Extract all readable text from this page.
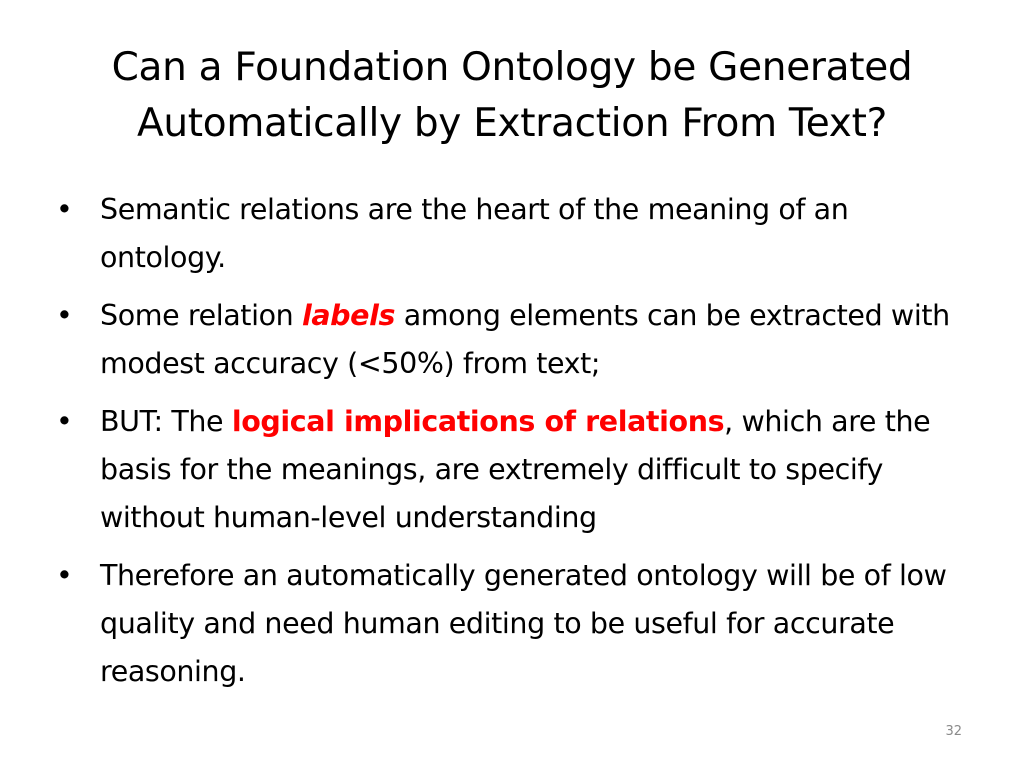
Can a Foundation Ontology be Generated
Automatically by Extraction From Text?
• Semantic relations are the heart of the meaning of an ontology.
• Some relation labels among elements can be extracted with modest accuracy (<50%) from text;
• BUT: The logical implications of relations, which are the basis for the meanings, are extremely difficult to specify without human-level understanding
• Therefore an automatically generated ontology will be of low quality and need human editing to be useful for accurate reasoning.
32
